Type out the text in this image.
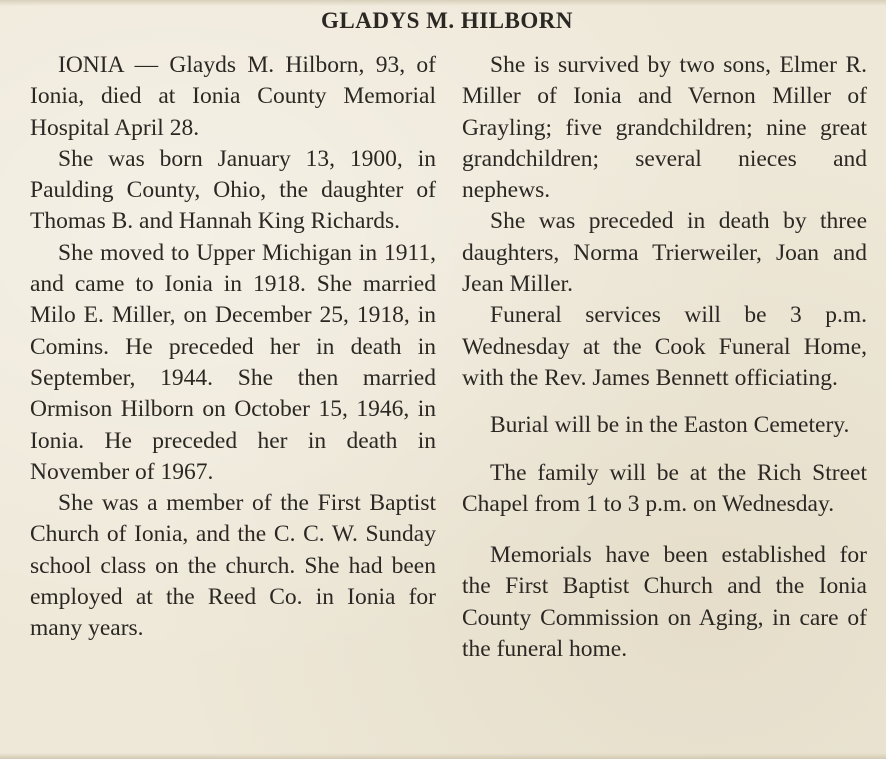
GLADYS M. HILBORN

IONIA — Glayds M. Hilborn, 93, of Ionia, died at Ionia County Memorial Hospital April 28.

She was born January 13, 1900, in Paulding County, Ohio, the daughter of Thomas B. and Hannah King Richards.

She moved to Upper Michigan in 1911, and came to Ionia in 1918. She married Milo E. Miller, on December 25, 1918, in Comins. He preceded her in death in September, 1944. She then married Ormison Hilborn on October 15, 1946, in Ionia. He preceded her in death in November of 1967.

She was a member of the First Baptist Church of Ionia, and the C. C. W. Sunday school class on the church. She had been employed at the Reed Co. in Ionia for many years.

She is survived by two sons, Elmer R. Miller of Ionia and Vernon Miller of Grayling; five grandchildren; nine great grandchildren; several nieces and nephews.

She was preceded in death by three daughters, Norma Trierweiler, Joan and Jean Miller.

Funeral services will be 3 p.m. Wednesday at the Cook Funeral Home, with the Rev. James Bennett officiating.

Burial will be in the Easton Cemetery.

The family will be at the Rich Street Chapel from 1 to 3 p.m. on Wednesday.

Memorials have been established for the First Baptist Church and the Ionia County Commission on Aging, in care of the funeral home.
